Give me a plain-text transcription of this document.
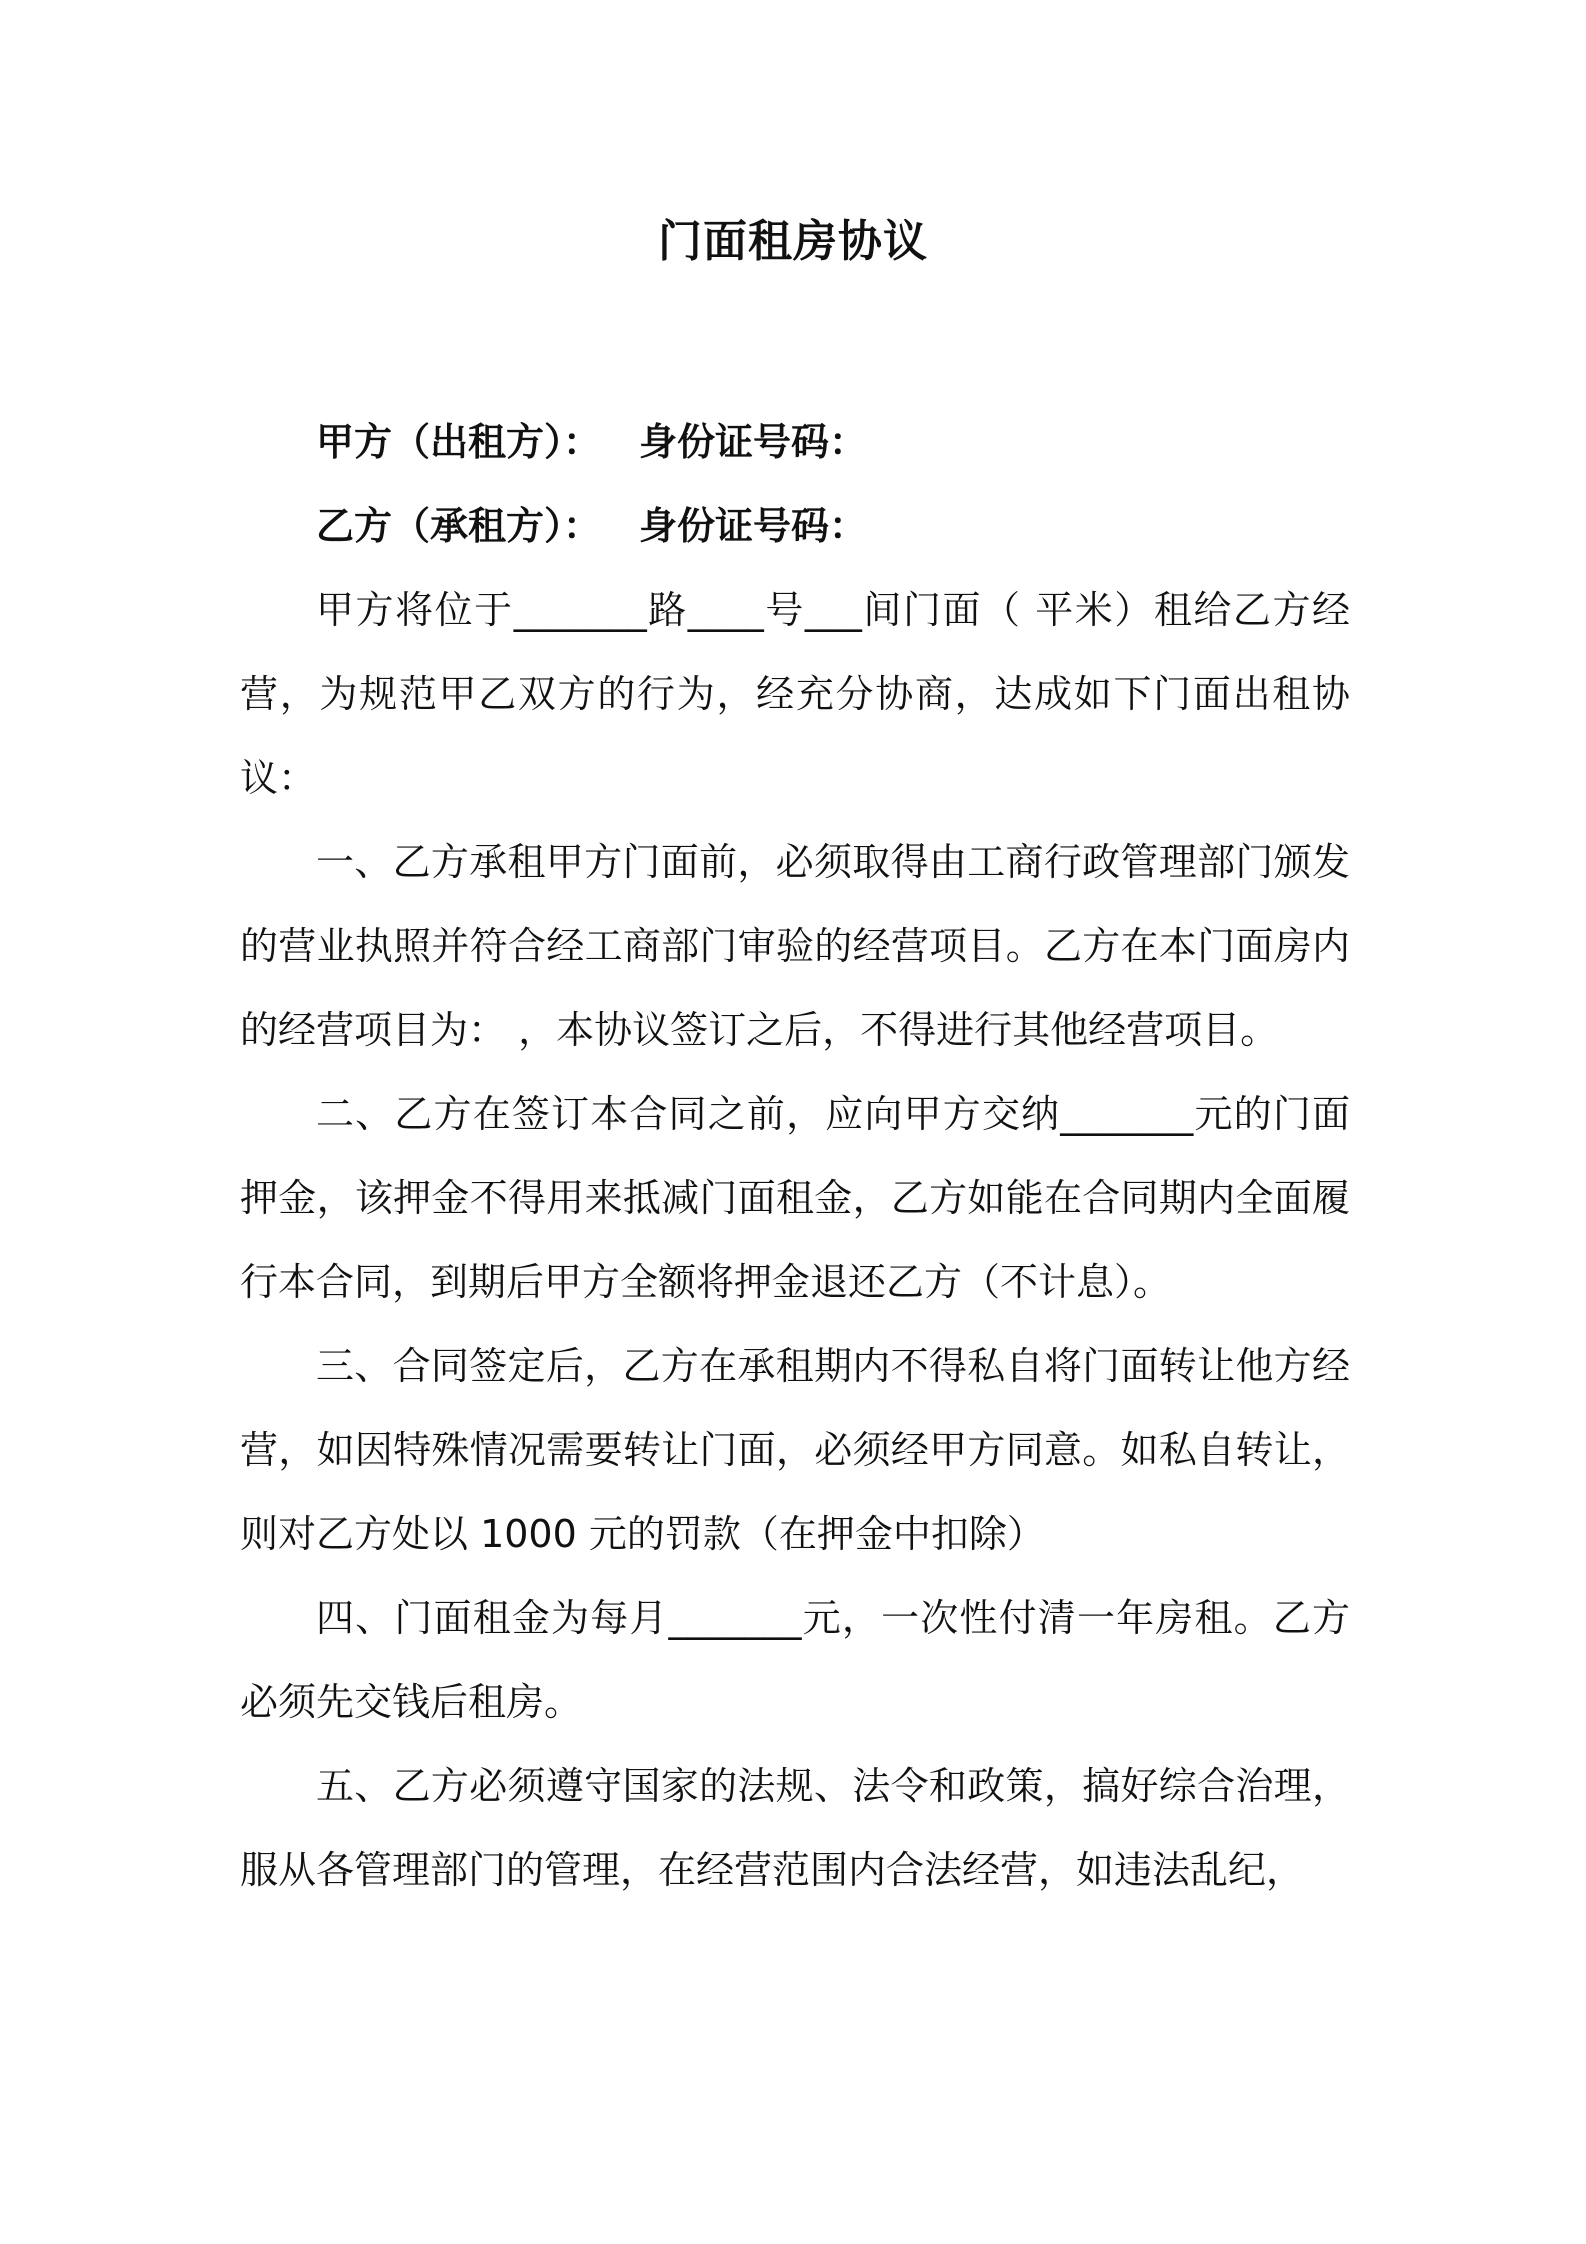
门面租房协议

甲方（出租方）： 身份证号码：

乙方（承租方）： 身份证号码：

甲方将位于_______路____号___间门面（ 平米）租给乙方经营，为规范甲乙双方的行为，经充分协商，达成如下门面出租协议：

一、乙方承租甲方门面前，必须取得由工商行政管理部门颁发的营业执照并符合经工商部门审验的经营项目。乙方在本门面房内的经营项目为： ，本协议签订之后，不得进行其他经营项目。

二、乙方在签订本合同之前，应向甲方交纳_______元的门面押金，该押金不得用来抵减门面租金，乙方如能在合同期内全面履行本合同，到期后甲方全额将押金退还乙方（不计息）。

三、合同签定后，乙方在承租期内不得私自将门面转让他方经营，如因特殊情况需要转让门面，必须经甲方同意。如私自转让，则对乙方处以 1000 元的罚款（在押金中扣除）

四、门面租金为每月_______元，一次性付清一年房租。乙方必须先交钱后租房。

五、乙方必须遵守国家的法规、法令和政策，搞好综合治理，服从各管理部门的管理，在经营范围内合法经营，如违法乱纪，
